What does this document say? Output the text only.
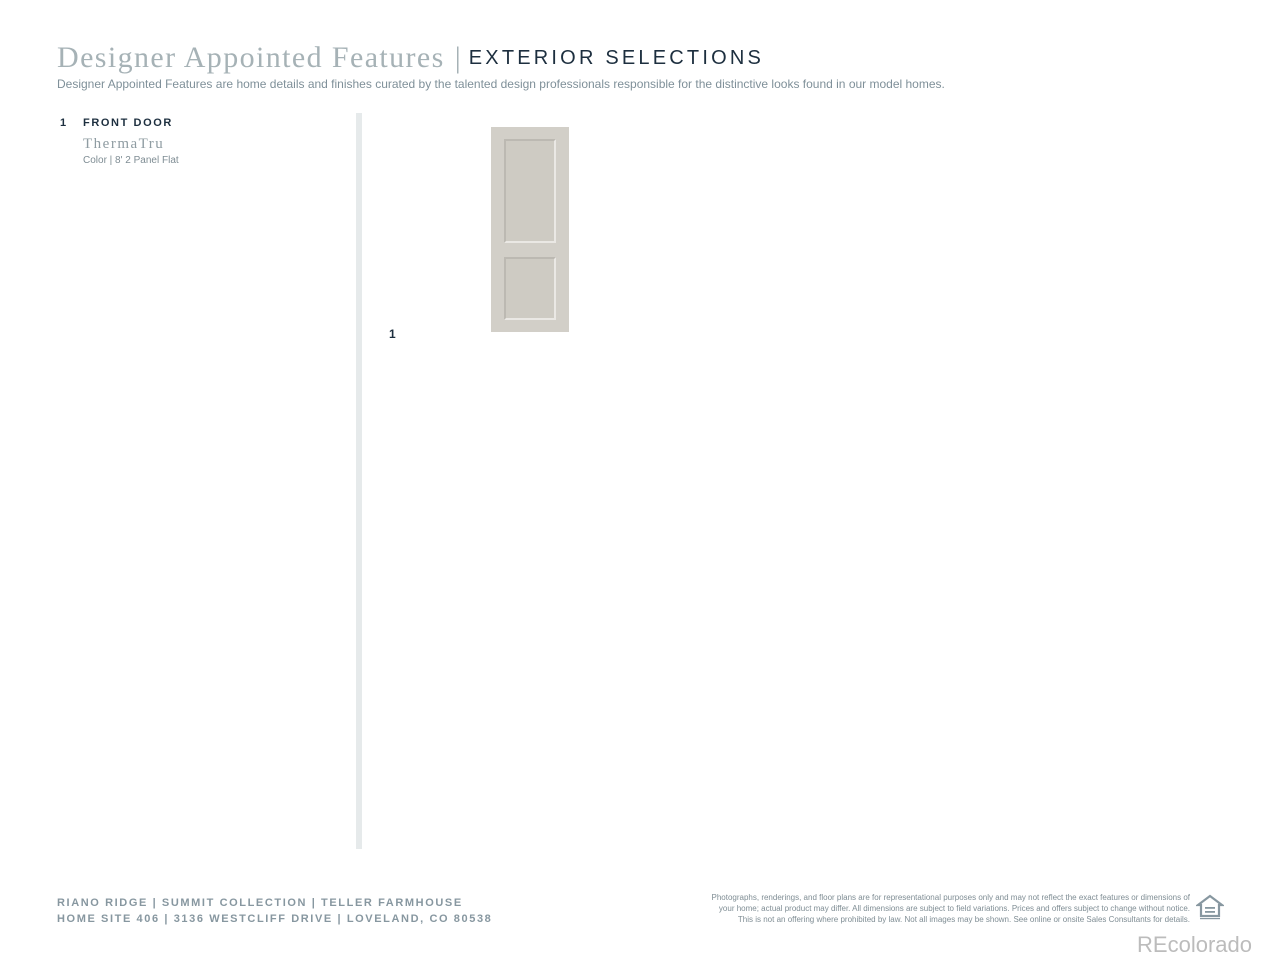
Designer Appointed Features | EXTERIOR SELECTIONS
Designer Appointed Features are home details and finishes curated by the talented design professionals responsible for the distinctive looks found in our model homes.
1 FRONT DOOR
ThermaTru
Color | 8' 2 Panel Flat
1
RIANO RIDGE | SUMMIT COLLECTION | TELLER FARMHOUSE
HOME SITE 406 | 3136 WESTCLIFF DRIVE | LOVELAND, CO 80538
Photographs, renderings, and floor plans are for representational purposes only and may not reflect the exact features or dimensions of
your home; actual product may differ. All dimensions are subject to field variations. Prices and offers subject to change without notice.
This is not an offering where prohibited by law. Not all images may be shown. See online or onsite Sales Consultants for details.
REcolorado
